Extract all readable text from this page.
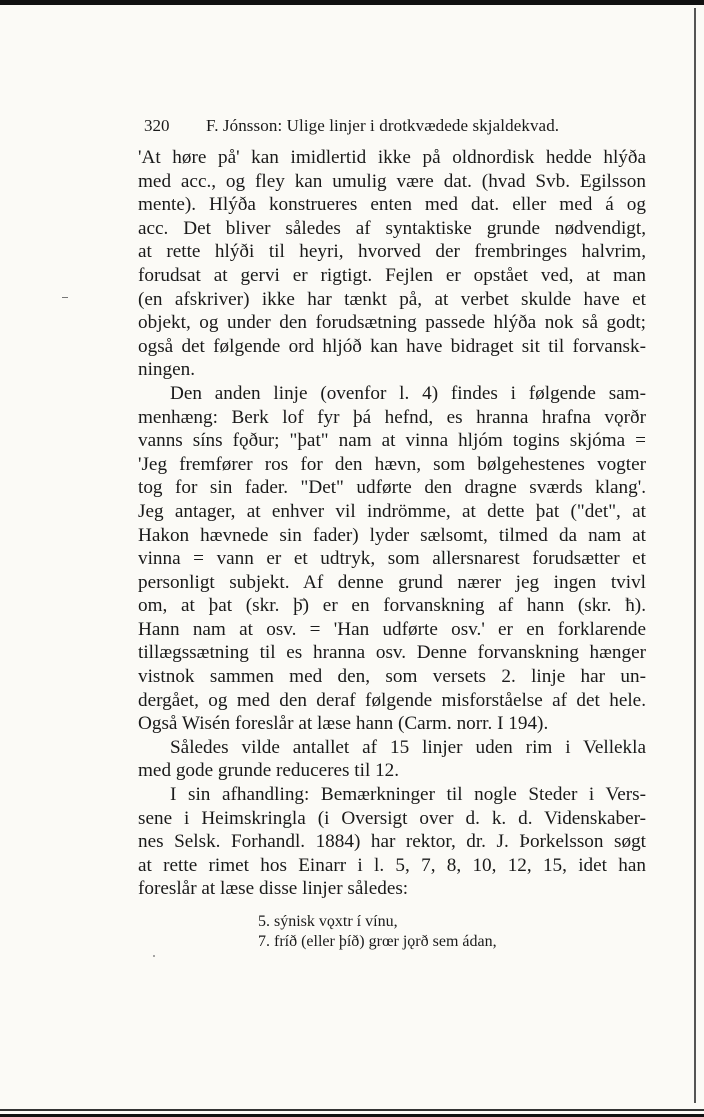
320 F. Jónsson: Ulige linjer i drotkvædede skjaldekvad.
'At høre på' kan imidlertid ikke på oldnordisk hedde hlýða
med acc., og fley kan umulig være dat. (hvad Svb. Egilsson
mente). Hlýða konstrueres enten med dat. eller med á og
acc. Det bliver således af syntaktiske grunde nødvendigt,
at rette hlýði til heyri, hvorved der frembringes halvrim,
forudsat at gervi er rigtigt. Fejlen er opstået ved, at man
(en afskriver) ikke har tænkt på, at verbet skulde have et
objekt, og under den forudsætning passede hlýða nok så godt;
også det følgende ord hljóð kan have bidraget sit til forvansk-
ningen.
Den anden linje (ovenfor l. 4) findes i følgende sam-
menhæng: Berk lof fyr þá hefnd, es hranna hrafna vǫrðr
vanns síns fǫður; "þat" nam at vinna hljóm togins skjóma =
'Jeg fremfører ros for den hævn, som bølgehestenes vogter
tog for sin fader. "Det" udførte den dragne sværds klang'.
Jeg antager, at enhver vil indrömme, at dette þat ("det", at
Hakon hævnede sin fader) lyder sælsomt, tilmed da nam at
vinna = vann er et udtryk, som allersnarest forudsætter et
personligt subjekt. Af denne grund nærer jeg ingen tvivl
om, at þat (skr. þ̄) er en forvanskning af hann (skr. ħ).
Hann nam at osv. = 'Han udførte osv.' er en forklarende
tillægssætning til es hranna osv. Denne forvanskning hænger
vistnok sammen med den, som versets 2. linje har un-
dergået, og med den deraf følgende misforståelse af det hele.
Også Wisén foreslår at læse hann (Carm. norr. I 194).
Således vilde antallet af 15 linjer uden rim i Vellekla
med gode grunde reduceres til 12.
I sin afhandling: Bemærkninger til nogle Steder i Vers-
sene i Heimskringla (i Oversigt over d. k. d. Videnskaber-
nes Selsk. Forhandl. 1884) har rektor, dr. J. Þorkelsson søgt
at rette rimet hos Einarr i l. 5, 7, 8, 10, 12, 15, idet han
foreslår at læse disse linjer således:
5. sýnisk vǫxtr í vínu,
7. fríð (eller þíð) grœr jǫrð sem ádan,
